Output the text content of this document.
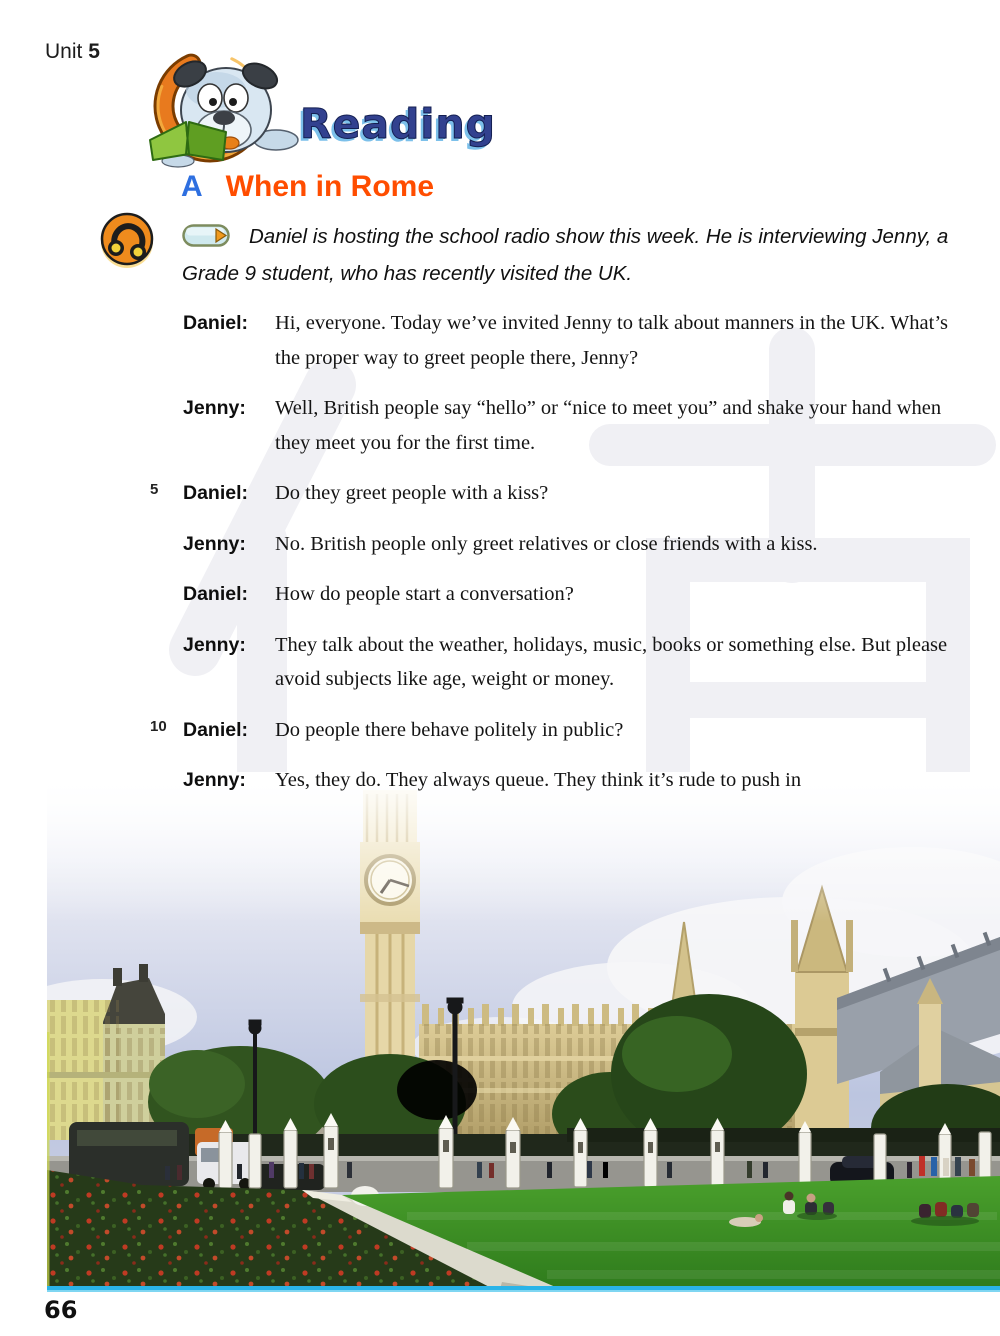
Unit 5
Reading
A When in Rome
Daniel is hosting the school radio show this week. He is interviewing Jenny, a Grade 9 student, who has recently visited the UK.
Daniel:	Hi, everyone. Today we’ve invited Jenny to talk about manners in the UK. What’s the proper way to greet people there, Jenny?
Jenny:	Well, British people say “hello” or “nice to meet you” and shake your hand when they meet you for the first time.
5	Daniel:	Do they greet people with a kiss?
Jenny:	No. British people only greet relatives or close friends with a kiss.
Daniel:	How do people start a conversation?
Jenny:	They talk about the weather, holidays, music, books or something else. But please avoid subjects like age, weight or money.
10 Daniel:	Do people there behave politely in public?
Jenny:	Yes, they do. They always queue. They think it’s rude to push in
66
